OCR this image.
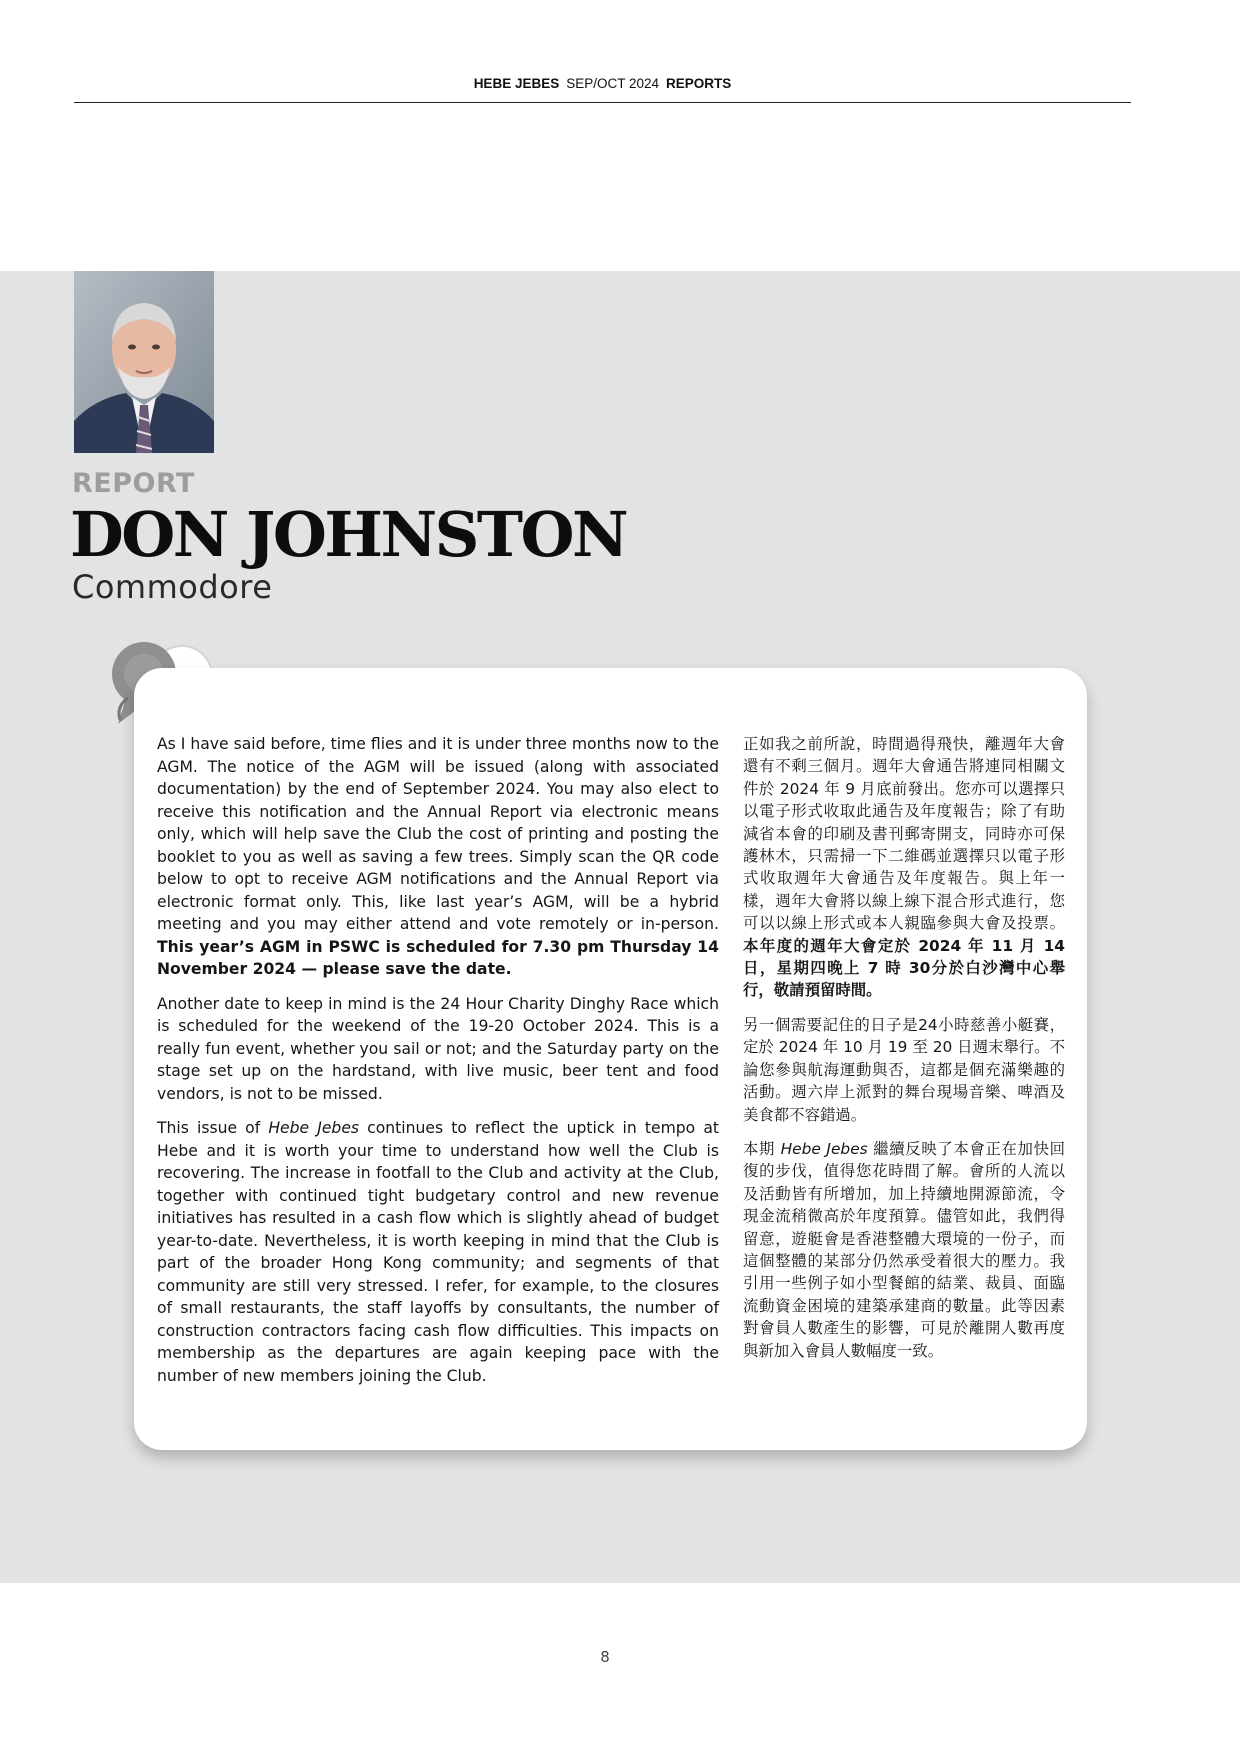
HEBE JEBES SEP/OCT 2024 REPORTS
REPORT
DON JOHNSTON
Commodore

As I have said before, time flies and it is under three months now to the AGM. The notice of the AGM will be issued (along with associated documentation) by the end of September 2024. You may also elect to receive this notification and the Annual Report via electronic means only, which will help save the Club the cost of printing and posting the booklet to you as well as saving a few trees. Simply scan the QR code below to opt to receive AGM notifications and the Annual Report via electronic format only. This, like last year’s AGM, will be a hybrid meeting and you may either attend and vote remotely or in-person. This year’s AGM in PSWC is scheduled for 7.30 pm Thursday 14 November 2024 — please save the date.

Another date to keep in mind is the 24 Hour Charity Dinghy Race which is scheduled for the weekend of the 19-20 October 2024. This is a really fun event, whether you sail or not; and the Saturday party on the stage set up on the hardstand, with live music, beer tent and food vendors, is not to be missed.

This issue of Hebe Jebes continues to reflect the uptick in tempo at Hebe and it is worth your time to understand how well the Club is recovering. The increase in footfall to the Club and activity at the Club, together with continued tight budgetary control and new revenue initiatives has resulted in a cash flow which is slightly ahead of budget year-to-date. Nevertheless, it is worth keeping in mind that the Club is part of the broader Hong Kong community; and segments of that community are still very stressed. I refer, for example, to the closures of small restaurants, the staff layoffs by consultants, the number of construction contractors facing cash flow difficulties. This impacts on membership as the departures are again keeping pace with the number of new members joining the Club.

正如我之前所說，時間過得飛快，離週年大會還有不剩三個月。週年大會通告將連同相關文件於 2024 年 9 月底前發出。您亦可以選擇只以電子形式收取此通告及年度報告；除了有助減省本會的印刷及書刊郵寄開支，同時亦可保護林木，只需掃一下二維碼並選擇只以電子形式收取週年大會通告及年度報告。與上年一樣，週年大會將以線上線下混合形式進行，您可以以線上形式或本人親臨參與大會及投票。本年度的週年大會定於 2024 年 11 月 14 日，星期四晚上 7 時 30分於白沙灣中心舉行，敬請預留時間。

另一個需要記住的日子是24小時慈善小艇賽，定於 2024 年 10 月 19 至 20 日週末舉行。不論您參與航海運動與否，這都是個充滿樂趣的活動。週六岸上派對的舞台現場音樂、啤酒及美食都不容錯過。

本期 Hebe Jebes 繼續反映了本會正在加快回復的步伐，值得您花時間了解。會所的人流以及活動皆有所增加，加上持續地開源節流，令現金流稍微高於年度預算。儘管如此，我們得留意，遊艇會是香港整體大環境的一份子，而這個整體的某部分仍然承受着很大的壓力。我引用一些例子如小型餐館的結業、裁員、面臨流動資金困境的建築承建商的數量。此等因素對會員人數產生的影響，可見於離開人數再度與新加入會員人數幅度一致。

8
